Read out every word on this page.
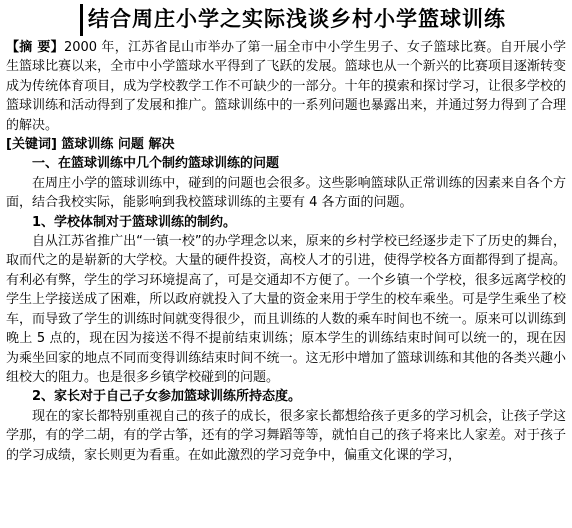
结合周庄小学之实际浅谈乡村小学篮球训练

【摘 要】2000 年，江苏省昆山市举办了第一届全市中小学生男子、女子篮球比赛。自开展小学生篮球比赛以来，全市中小学篮球水平得到了飞跃的发展。篮球也从一个新兴的比赛项目逐渐转变成为传统体育项目，成为学校教学工作不可缺少的一部分。十年的摸索和探讨学习，让很多学校的篮球训练和活动得到了发展和推广。篮球训练中的一系列问题也暴露出来，并通过努力得到了合理的解决。

[关键词] 篮球训练 问题 解决

一、在篮球训练中几个制约篮球训练的问题

在周庄小学的篮球训练中，碰到的问题也会很多。这些影响篮球队正常训练的因素来自各个方面，结合我校实际，能影响到我校篮球训练的主要有 4 各方面的问题。

1、学校体制对于篮球训练的制约。

自从江苏省推广出“一镇一校”的办学理念以来，原来的乡村学校已经逐步走下了历史的舞台，取而代之的是崭新的大学校。大量的硬件投资，高校人才的引进，使得学校各方面都得到了提高。有利必有弊，学生的学习环境提高了，可是交通却不方便了。一个乡镇一个学校，很多远离学校的学生上学接送成了困难，所以政府就投入了大量的资金来用于学生的校车乘坐。可是学生乘坐了校车，而导致了学生的训练时间就变得很少，而且训练的人数的乘车时间也不统一。原来可以训练到晚上 5 点的，现在因为接送不得不提前结束训练；原本学生的训练结束时间可以统一的，现在因为乘坐回家的地点不同而变得训练结束时间不统一。这无形中增加了篮球训练和其他的各类兴趣小组校大的阻力。也是很多乡镇学校碰到的问题。

2、家长对于自己子女参加篮球训练所持态度。

现在的家长都特别重视自己的孩子的成长，很多家长都想给孩子更多的学习机会，让孩子学这学那，有的学二胡，有的学古筝，还有的学习舞蹈等等，就怕自己的孩子将来比人家差。对于孩子的学习成绩，家长则更为看重。在如此激烈的学习竞争中，偏重文化课的学习，
